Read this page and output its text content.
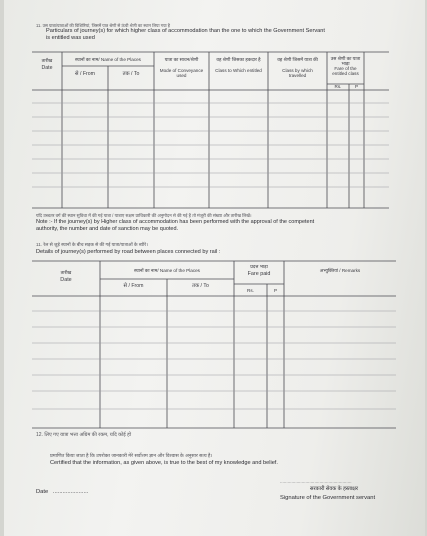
11. उस यात्रा/यात्राओं की विशिष्टियां, जिसमें पात्र श्रेणी से ऊंची श्रेणी का स्थान लिया गया है
Particulars of journey(s) for which higher class of accommodation than the one to which the Government Servant
is entitled was used
तारीख
Date
स्थानों का नाम/ Name of the Places
से / From	तक / To
यात्रा का साधन/श्रेणी
Mode of Conveyance used
वह श्रेणी जिसका हकदार है
Class to Which entitled
वह श्रेणी जिसमें यात्रा की
Class by which travelled
उस श्रेणी का यात्रा भाड़ा
Fare of the entitled class
Rs.	P
यदि उच्चतर वर्ग की स्थान सुविधा में की गई यात्रा / यात्राए सक्षम प्राधिकारी की अनुमोदन से की गई है तो मंजूरी की संख्या और तारीख लिखें।
Note :- If the journey(s) by Higher class of accommodation has been performed with the approval of the competent
authority, the number and date of sanction may be quoted.
11. रेल से जुड़े स्थानों के बीच सड़क से की गई यात्रा/यात्राओं के ब्यौरे।
Details of journey(s) performed by road between places connected by rail :
तारीख
Date
स्थानों का नाम/ Name of the Places
से / From	तक / To
प्रदत्त भाड़ा
Fare paid
Rs.	P
अभ्युक्तियां / Remarks
12. लिए गए यात्रा भत्ता अग्रिम की रकम, यदि कोई हो
प्रमाणित किया जाता है कि उपरोक्त जानकारी मेरे सर्वोत्तम ज्ञान और विश्वास के अनुसार सत्य है।
Certified that the information, as given above, is true to the best of my knowledge and belief.
Date ......................
........................................................
सरकारी सेवक के हस्ताक्षर
Signature of the Government servant
